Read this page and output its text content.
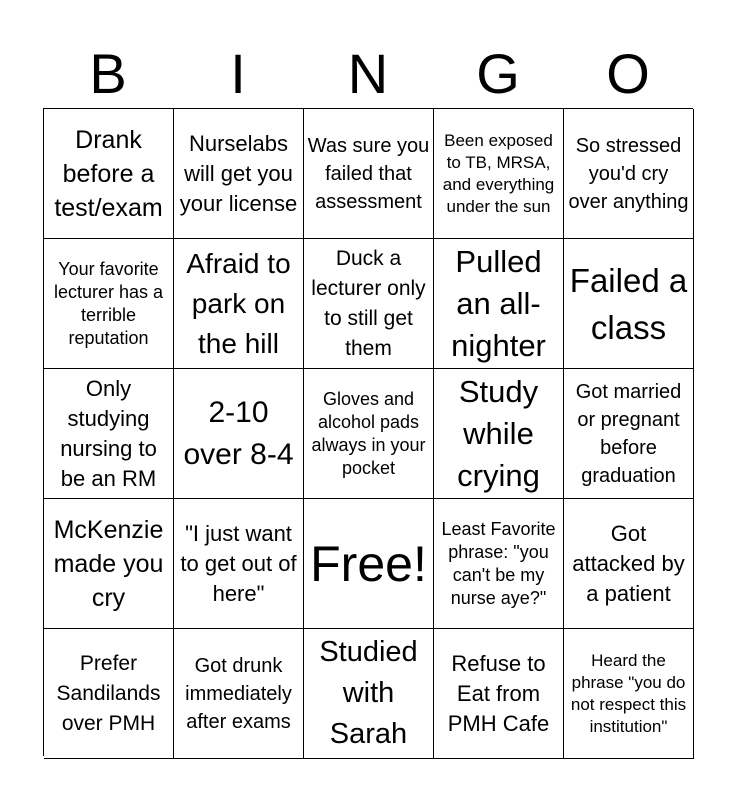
B	I	N	G	O
Drank before a test/exam
Nurselabs will get you your license
Was sure you failed that assessment
Been exposed to TB, MRSA, and everything under the sun
So stressed you'd cry over anything
Your favorite lecturer has a terrible reputation
Afraid to park on the hill
Duck a lecturer only to still get them
Pulled an all-nighter
Failed a class
Only studying nursing to be an RM
2-10 over 8-4
Gloves and alcohol pads always in your pocket
Study while crying
Got married or pregnant before graduation
McKenzie made you cry
"I just want to get out of here"
Free!
Least Favorite phrase: "you can't be my nurse aye?"
Got attacked by a patient
Prefer Sandilands over PMH
Got drunk immediately after exams
Studied with Sarah
Refuse to Eat from PMH Cafe
Heard the phrase "you do not respect this institution"
